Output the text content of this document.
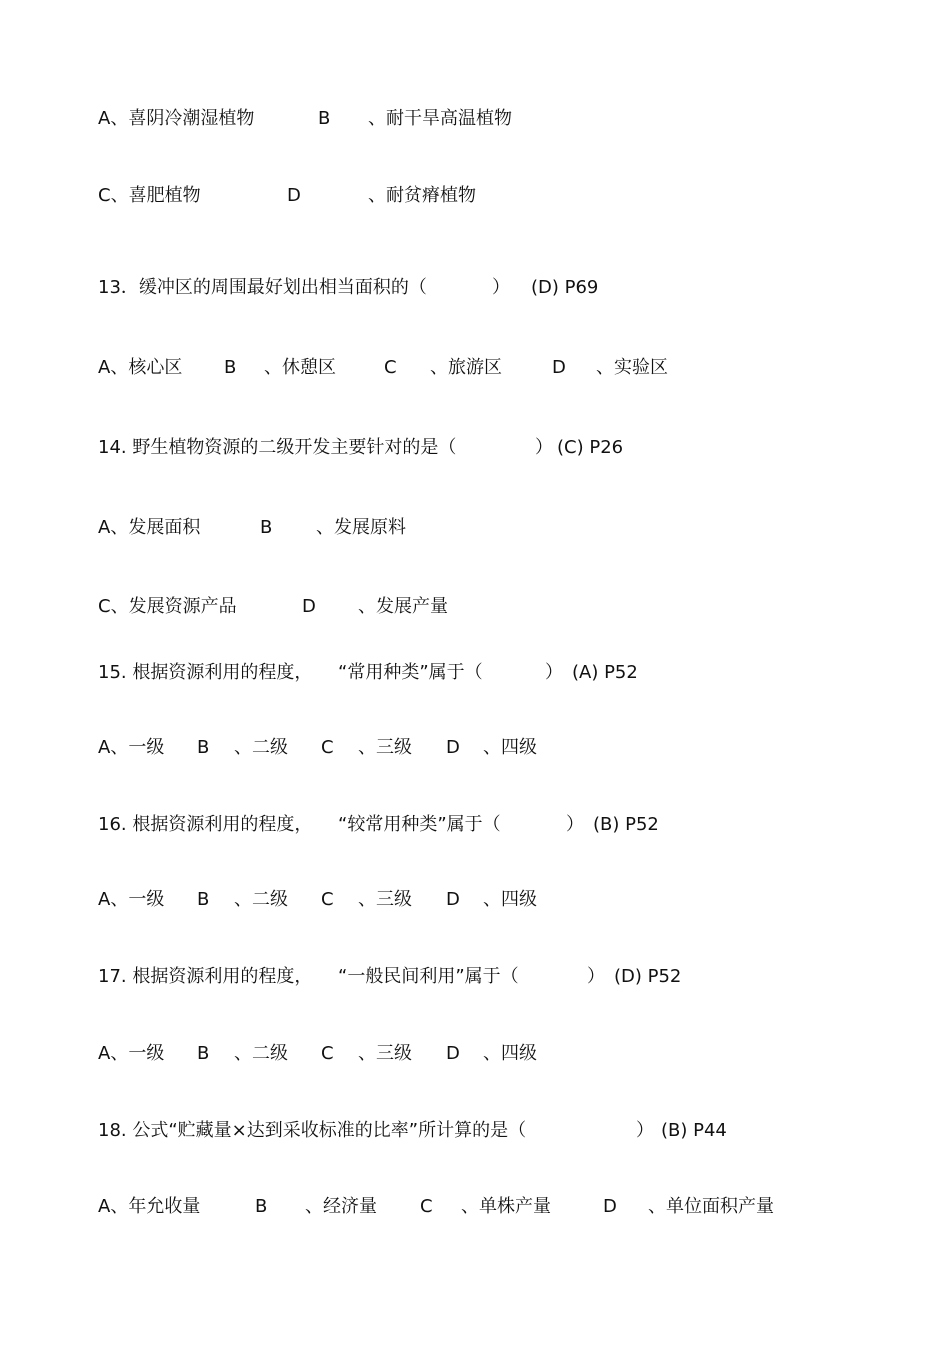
A、喜阴冷潮湿植物	B 、耐干旱高温植物
C、喜肥植物	D	、耐贫瘠植物
13．缓冲区的周围最好划出相当面积的（	） (D) P69
A、核心区 B 、休憩区	C 、旅游区	D 、实验区
14. 野生植物资源的二级开发主要针对的是（	） (C) P26
A、发展面积	B 、发展原料
C、发展资源产品	D 、发展产量
15. 根据资源利用的程度， “常用种类”属于（	） (A) P52
A、一级 B 、二级 C 、三级 D 、四级
16. 根据资源利用的程度， “较常用种类”属于（	） (B) P52
A、一级 B 、二级 C 、三级 D 、四级
17. 根据资源利用的程度， “一般民间利用”属于（	） (D) P52
A、一级 B 、二级 C 、三级 D 、四级
18. 公式“贮藏量×达到采收标准的比率”所计算的是（	） (B) P44
A、年允收量	B 、经济量 C 、单株产量	D 、单位面积产量
